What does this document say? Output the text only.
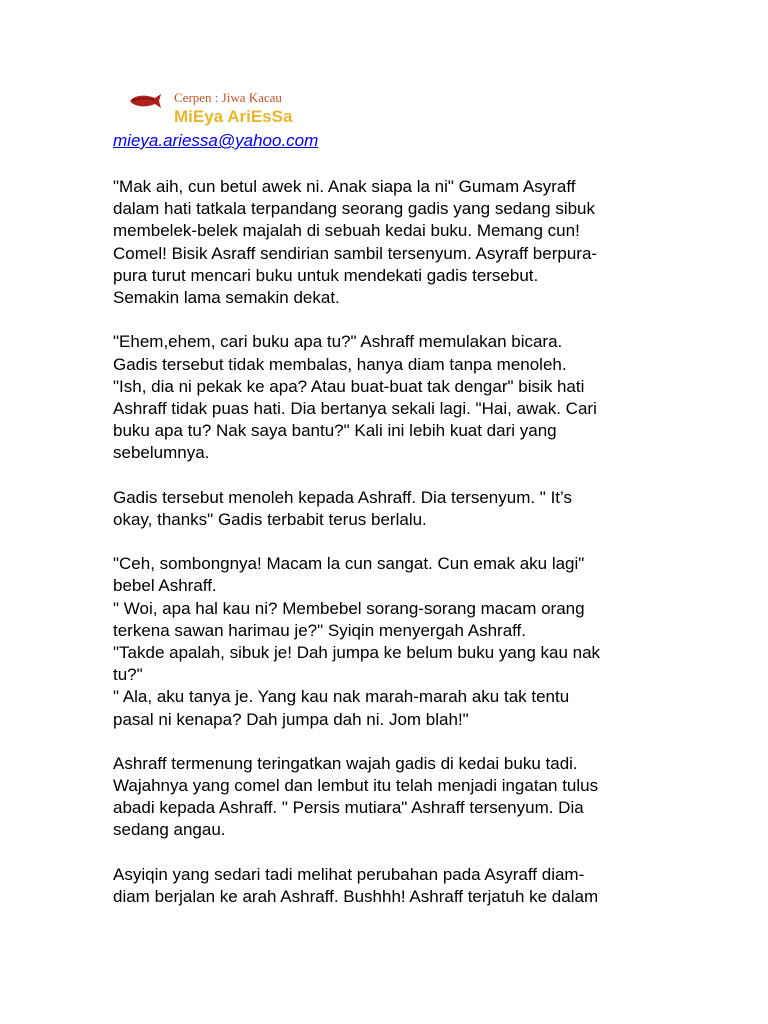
Cerpen : Jiwa Kacau
MiEya AriEsSa
mieya.ariessa@yahoo.com
"Mak aih, cun betul awek ni. Anak siapa la ni" Gumam Asyraff
dalam hati tatkala terpandang seorang gadis yang sedang sibuk
membelek-belek majalah di sebuah kedai buku. Memang cun!
Comel! Bisik Asraff sendirian sambil tersenyum. Asyraff berpura-
pura turut mencari buku untuk mendekati gadis tersebut.
Semakin lama semakin dekat.
"Ehem,ehem, cari buku apa tu?" Ashraff memulakan bicara.
Gadis tersebut tidak membalas, hanya diam tanpa menoleh.
"Ish, dia ni pekak ke apa? Atau buat-buat tak dengar" bisik hati
Ashraff tidak puas hati. Dia bertanya sekali lagi. "Hai, awak. Cari
buku apa tu? Nak saya bantu?" Kali ini lebih kuat dari yang
sebelumnya.
Gadis tersebut menoleh kepada Ashraff. Dia tersenyum. " It’s
okay, thanks" Gadis terbabit terus berlalu.
"Ceh, sombongnya! Macam la cun sangat. Cun emak aku lagi"
bebel Ashraff.
" Woi, apa hal kau ni? Membebel sorang-sorang macam orang
terkena sawan harimau je?" Syiqin menyergah Ashraff.
"Takde apalah, sibuk je! Dah jumpa ke belum buku yang kau nak
tu?"
" Ala, aku tanya je. Yang kau nak marah-marah aku tak tentu
pasal ni kenapa? Dah jumpa dah ni. Jom blah!"
Ashraff termenung teringatkan wajah gadis di kedai buku tadi.
Wajahnya yang comel dan lembut itu telah menjadi ingatan tulus
abadi kepada Ashraff. " Persis mutiara" Ashraff tersenyum. Dia
sedang angau.
Asyiqin yang sedari tadi melihat perubahan pada Asyraff diam-
diam berjalan ke arah Ashraff. Bushhh! Ashraff terjatuh ke dalam
